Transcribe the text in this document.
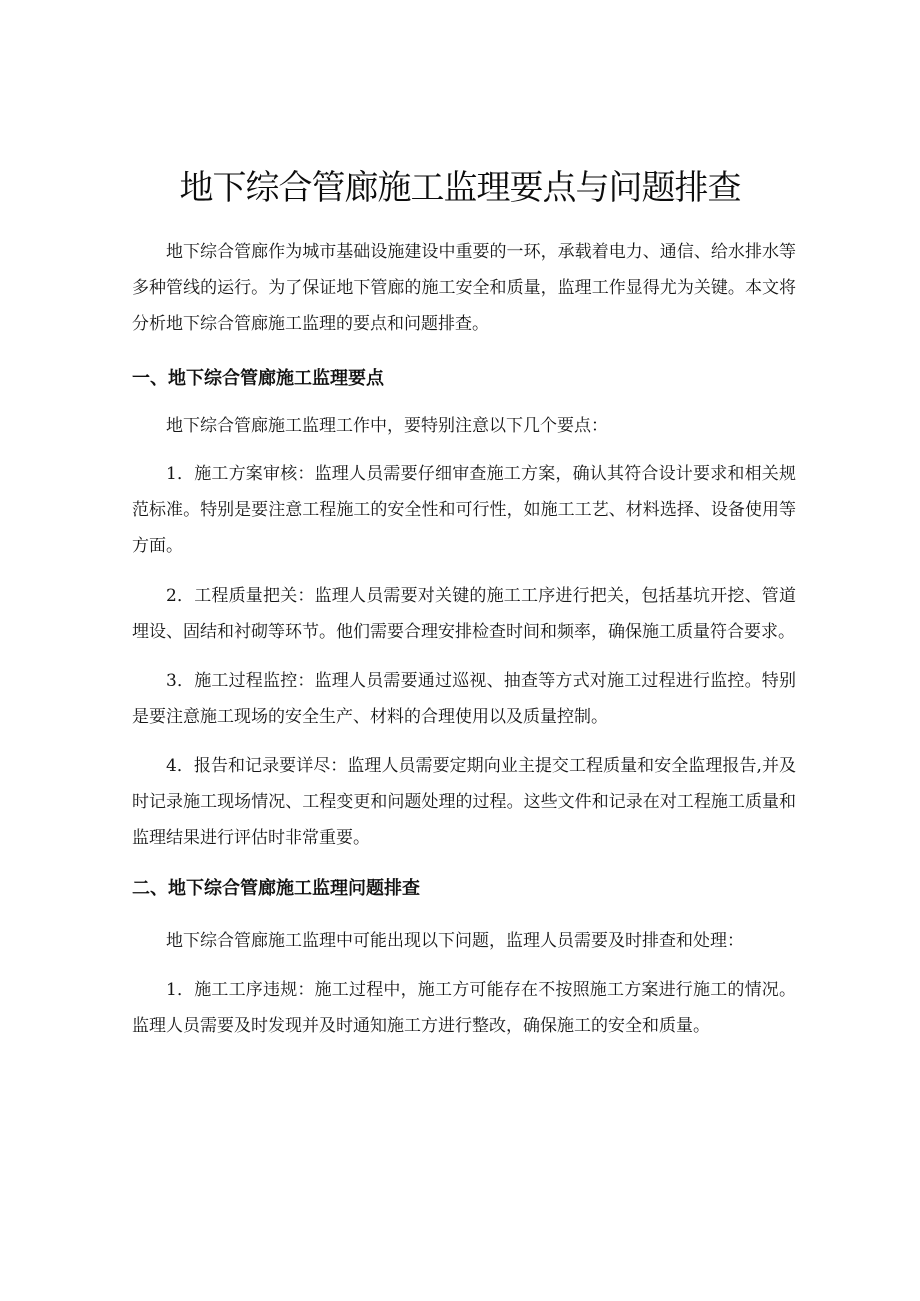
地下综合管廊施工监理要点与问题排查

地下综合管廊作为城市基础设施建设中重要的一环，承载着电力、通信、给水排水等多种管线的运行。为了保证地下管廊的施工安全和质量，监理工作显得尤为关键。本文将分析地下综合管廊施工监理的要点和问题排查。

一、地下综合管廊施工监理要点

地下综合管廊施工监理工作中，要特别注意以下几个要点：

1．施工方案审核：监理人员需要仔细审查施工方案，确认其符合设计要求和相关规范标准。特别是要注意工程施工的安全性和可行性，如施工工艺、材料选择、设备使用等方面。

2．工程质量把关：监理人员需要对关键的施工工序进行把关，包括基坑开挖、管道埋设、固结和衬砌等环节。他们需要合理安排检查时间和频率，确保施工质量符合要求。

3．施工过程监控：监理人员需要通过巡视、抽查等方式对施工过程进行监控。特别是要注意施工现场的安全生产、材料的合理使用以及质量控制。

4．报告和记录要详尽：监理人员需要定期向业主提交工程质量和安全监理报告,并及时记录施工现场情况、工程变更和问题处理的过程。这些文件和记录在对工程施工质量和监理结果进行评估时非常重要。

二、地下综合管廊施工监理问题排查

地下综合管廊施工监理中可能出现以下问题，监理人员需要及时排查和处理：

1．施工工序违规：施工过程中，施工方可能存在不按照施工方案进行施工的情况。监理人员需要及时发现并及时通知施工方进行整改，确保施工的安全和质量。
